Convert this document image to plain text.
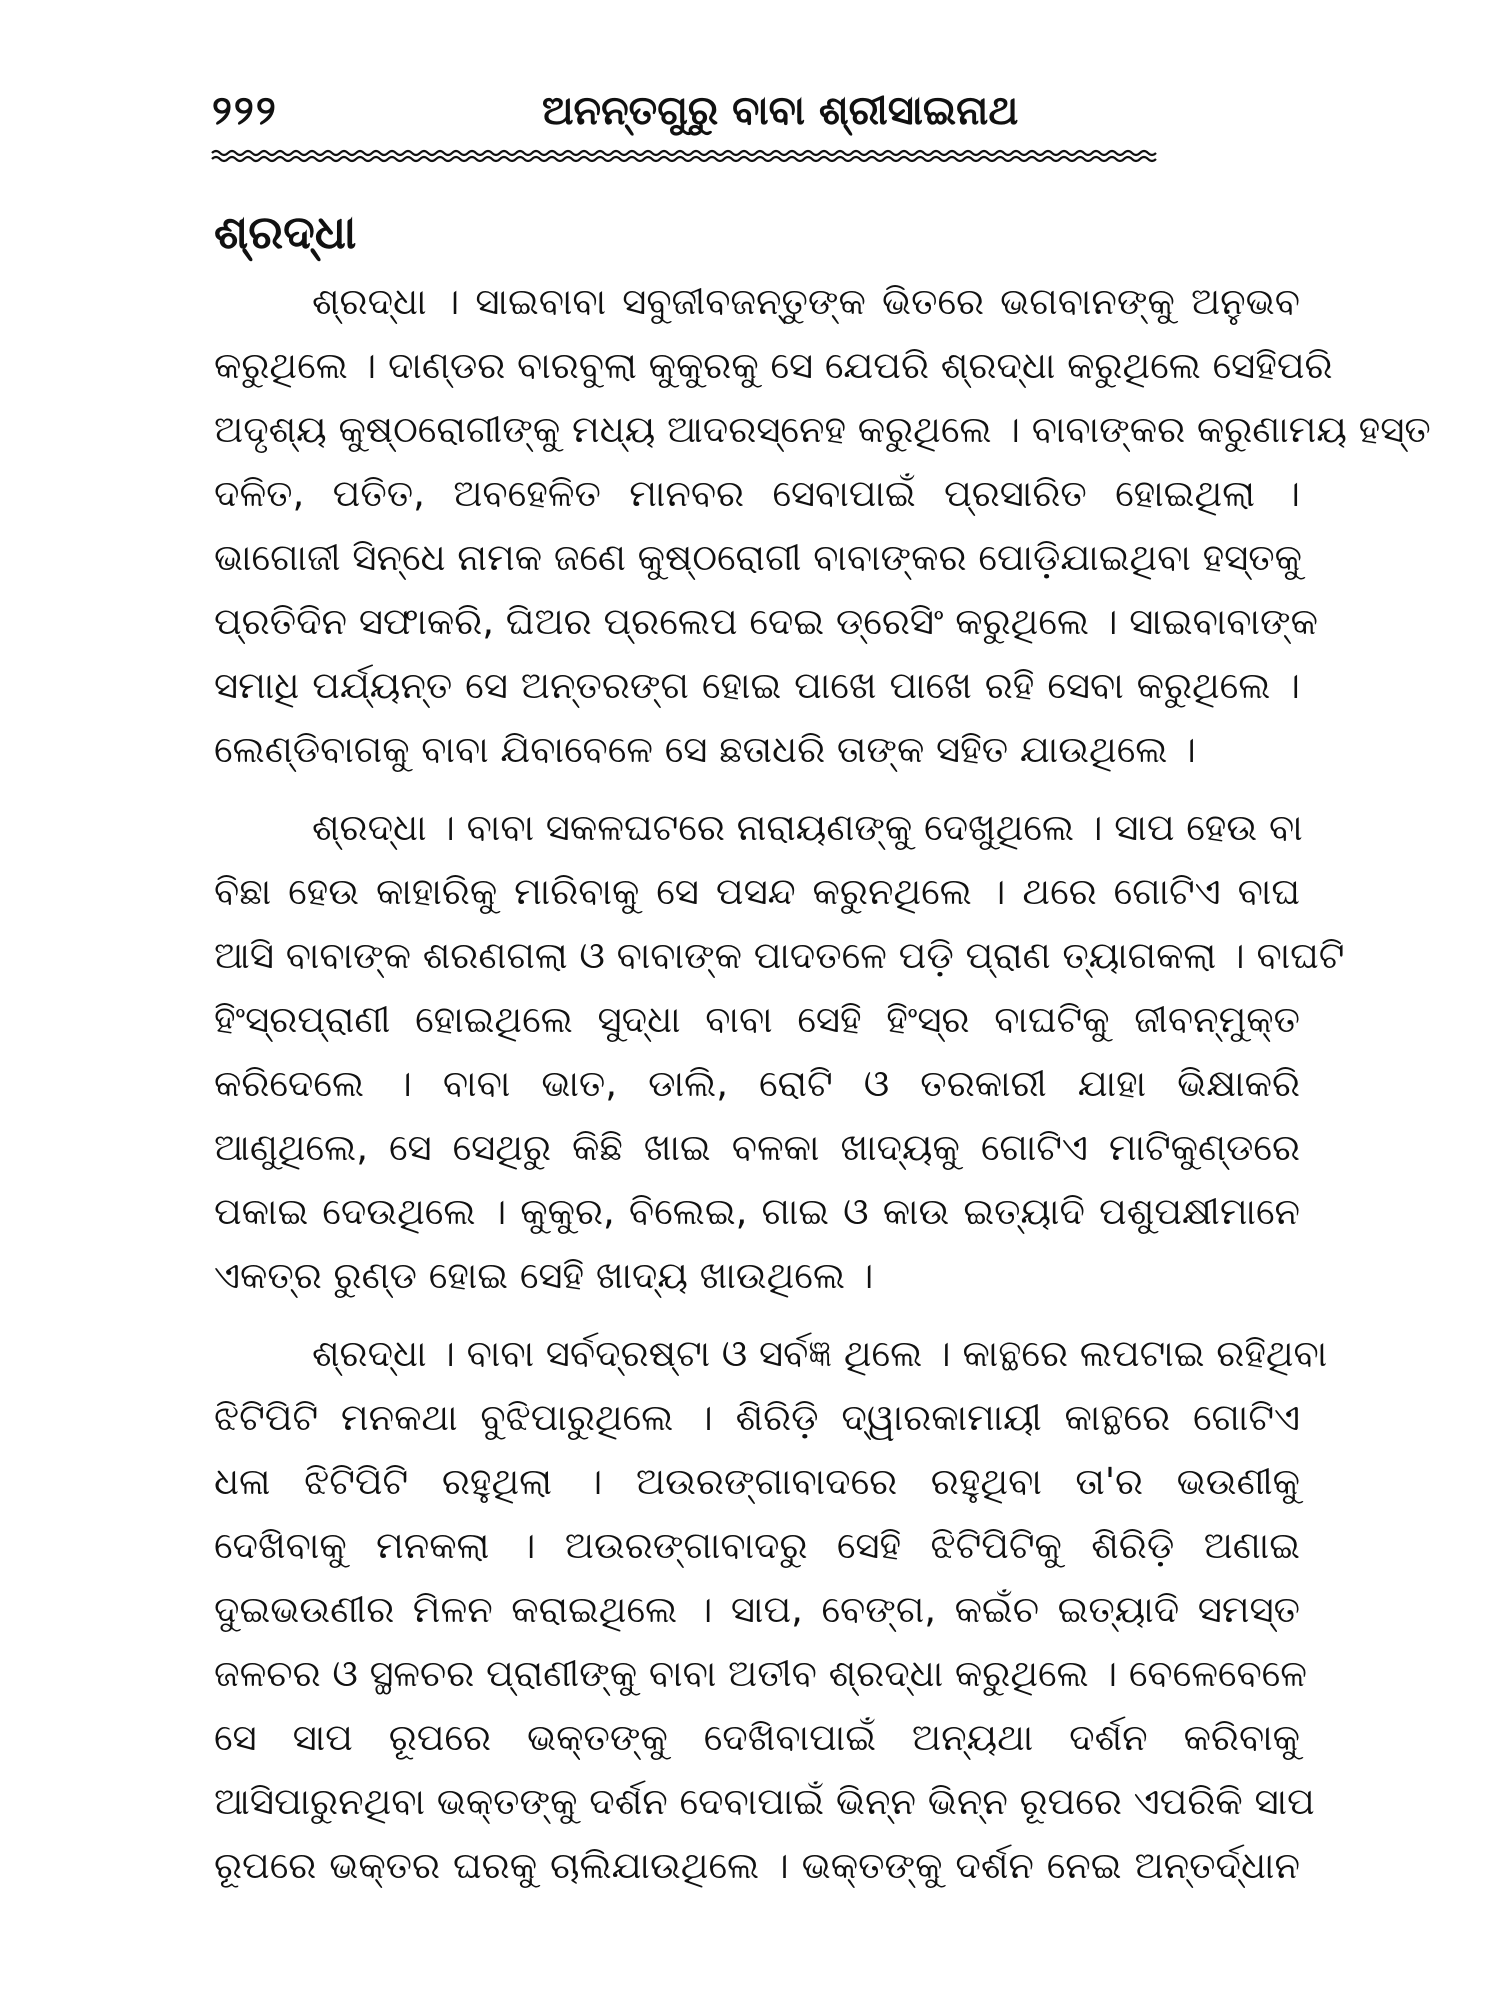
୨୨୨	ଅନନ୍ତଗୁରୁ ବାବା ଶ୍ରୀସାଇନାଥ
ଶ୍ରଦ୍ଧା
ଶ୍ରଦ୍ଧା । ସାଇବାବା ସବୁଜୀବଜନ୍ତୁଙ୍କ ଭିତରେ ଭଗବାନଙ୍କୁ ଅନୁଭବ
କରୁଥିଲେ । ଦାଣ୍ଡର ବାରବୁଲା କୁକୁରକୁ ସେ ଯେପରି ଶ୍ରଦ୍ଧା କରୁଥିଲେ ସେହିପରି
ଅଦୃଶ୍ୟ କୁଷ୍ଠରୋଗୀଙ୍କୁ ମଧ୍ୟ ଆଦରସ୍ନେହ କରୁଥିଲେ । ବାବାଙ୍କର କରୁଣାମୟ ହସ୍ତ
ଦଳିତ, ପତିତ, ଅବହେଳିତ ମାନବର ସେବାପାଇଁ ପ୍ରସାରିତ ହୋଇଥିଲା ।
ଭାଗୋଜୀ ସିନ୍ଧେ ନାମକ ଜଣେ କୁଷ୍ଠରୋଗୀ ବାବାଙ୍କର ପୋଡ଼ିଯାଇଥିବା ହସ୍ତକୁ
ପ୍ରତିଦିନ ସଫାକରି, ଘିଅର ପ୍ରଲେପ ଦେଇ ଡ୍ରେସିଂ କରୁଥିଲେ । ସାଇବାବାଙ୍କ
ସମାଧି ପର୍ଯ୍ୟନ୍ତ ସେ ଅନ୍ତରଙ୍ଗ ହୋଇ ପାଖେ ପାଖେ ରହି ସେବା କରୁଥିଲେ ।
ଲେଣ୍ଡିବାଗକୁ ବାବା ଯିବାବେଳେ ସେ ଛତାଧରି ତାଙ୍କ ସହିତ ଯାଉଥିଲେ ।
ଶ୍ରଦ୍ଧା । ବାବା ସକଳଘଟରେ ନାରାୟଣଙ୍କୁ ଦେଖୁଥିଲେ । ସାପ ହେଉ ବା
ବିଛା ହେଉ କାହାରିକୁ ମାରିବାକୁ ସେ ପସନ୍ଦ କରୁନଥିଲେ । ଥରେ ଗୋଟିଏ ବାଘ
ଆସି ବାବାଙ୍କ ଶରଣଗଲା ଓ ବାବାଙ୍କ ପାଦତଳେ ପଡ଼ି ପ୍ରାଣ ତ୍ୟାଗକଲା । ବାଘଟି
ହିଂସ୍ରପ୍ରାଣୀ ହୋଇଥିଲେ ସୁଦ୍ଧା ବାବା ସେହି ହିଂସ୍ର ବାଘଟିକୁ ଜୀବନ୍ମୁକ୍ତ
କରିଦେଲେ । ବାବା ଭାତ, ଡାଲି, ରୋଟି ଓ ତରକାରୀ ଯାହା ଭିକ୍ଷାକରି
ଆଣୁଥିଲେ, ସେ ସେଥିରୁ କିଛି ଖାଇ ବଳକା ଖାଦ୍ୟକୁ ଗୋଟିଏ ମାଟିକୁଣ୍ଡରେ
ପକାଇ ଦେଉଥିଲେ । କୁକୁର, ବିଲେଇ, ଗାଇ ଓ କାଉ ଇତ୍ୟାଦି ପଶୁପକ୍ଷୀମାନେ
ଏକତ୍ର ରୁଣ୍ଡ ହୋଇ ସେହି ଖାଦ୍ୟ ଖାଉଥିଲେ ।
ଶ୍ରଦ୍ଧା । ବାବା ସର୍ବଦ୍ରଷ୍ଟା ଓ ସର୍ବଜ୍ଞ ଥିଲେ । କାନ୍ଥରେ ଲପଟାଇ ରହିଥିବା
ଝିଟିପିଟି ମନକଥା ବୁଝିପାରୁଥିଲେ । ଶିରିଡ଼ି ଦ୍ୱାରକାମାୟୀ କାନ୍ଥରେ ଗୋଟିଏ
ଧଳା ଝିଟିପିଟି ରହୁଥିଲା । ଅଉରଙ୍ଗାବାଦରେ ରହୁଥିବା ତା'ର ଭଉଣୀକୁ
ଦେଖିବାକୁ ମନକଲା । ଅଉରଙ୍ଗାବାଦରୁ ସେହି ଝିଟିପିଟିକୁ ଶିରିଡ଼ି ଅଣାଇ
ଦୁଇଭଉଣୀର ମିଳନ କରାଇଥିଲେ । ସାପ, ବେଙ୍ଗ, କଇଁଚ ଇତ୍ୟାଦି ସମସ୍ତ
ଜଳଚର ଓ ସ୍ଥଳଚର ପ୍ରାଣୀଙ୍କୁ ବାବା ଅତୀବ ଶ୍ରଦ୍ଧା କରୁଥିଲେ । ବେଳେବେଳେ
ସେ ସାପ ରୂପରେ ଭକ୍ତଙ୍କୁ ଦେଖିବାପାଇଁ ଅନ୍ୟଥା ଦର୍ଶନ କରିବାକୁ
ଆସିପାରୁନଥିବା ଭକ୍ତଙ୍କୁ ଦର୍ଶନ ଦେବାପାଇଁ ଭିନ୍ନ ଭିନ୍ନ ରୂପରେ ଏପରିକି ସାପ
ରୂପରେ ଭକ୍ତର ଘରକୁ ଚାଲିଯାଉଥିଲେ । ଭକ୍ତଙ୍କୁ ଦର୍ଶନ ନେଇ ଅନ୍ତର୍ଦ୍ଧାନ
